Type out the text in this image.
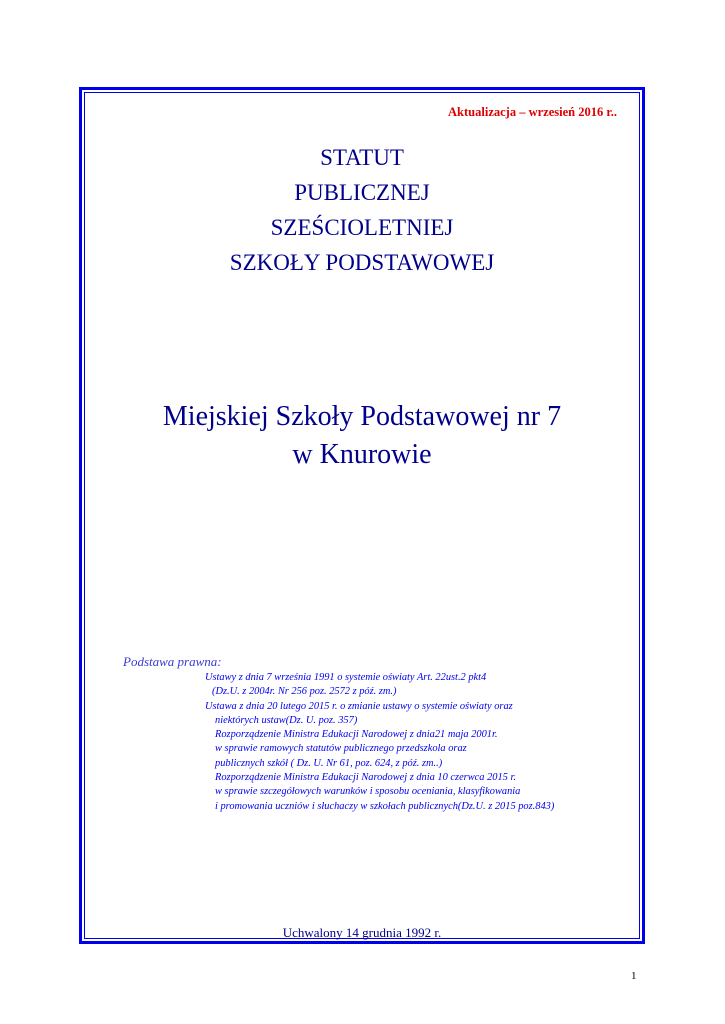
Aktualizacja – wrzesień 2016 r..
STATUT
PUBLICZNEJ
SZEŚCIOLETNIEJ
SZKOŁY PODSTAWOWEJ
Miejskiej Szkoły Podstawowej nr 7
w Knurowie
Podstawa prawna:
Ustawy z dnia 7 września 1991 o systemie oświaty Art. 22ust.2 pkt4
(Dz.U. z 2004r. Nr 256 poz. 2572 z póź. zm.)
Ustawa z dnia 20 lutego 2015 r. o zmianie ustawy o systemie oświaty oraz
niektórych ustaw(Dz. U. poz. 357)
Rozporządzenie Ministra Edukacji Narodowej z dnia21 maja 2001r.
w sprawie ramowych statutów publicznego przedszkola oraz
publicznych szkół ( Dz. U. Nr 61, poz. 624, z póź. zm..)
Rozporządzenie Ministra Edukacji Narodowej z dnia 10 czerwca 2015 r.
w sprawie szczegółowych warunków i sposobu oceniania, klasyfikowania
i promowania uczniów i słuchaczy w szkołach publicznych(Dz.U. z 2015 poz.843)
Uchwalony 14 grudnia 1992 r.
1
